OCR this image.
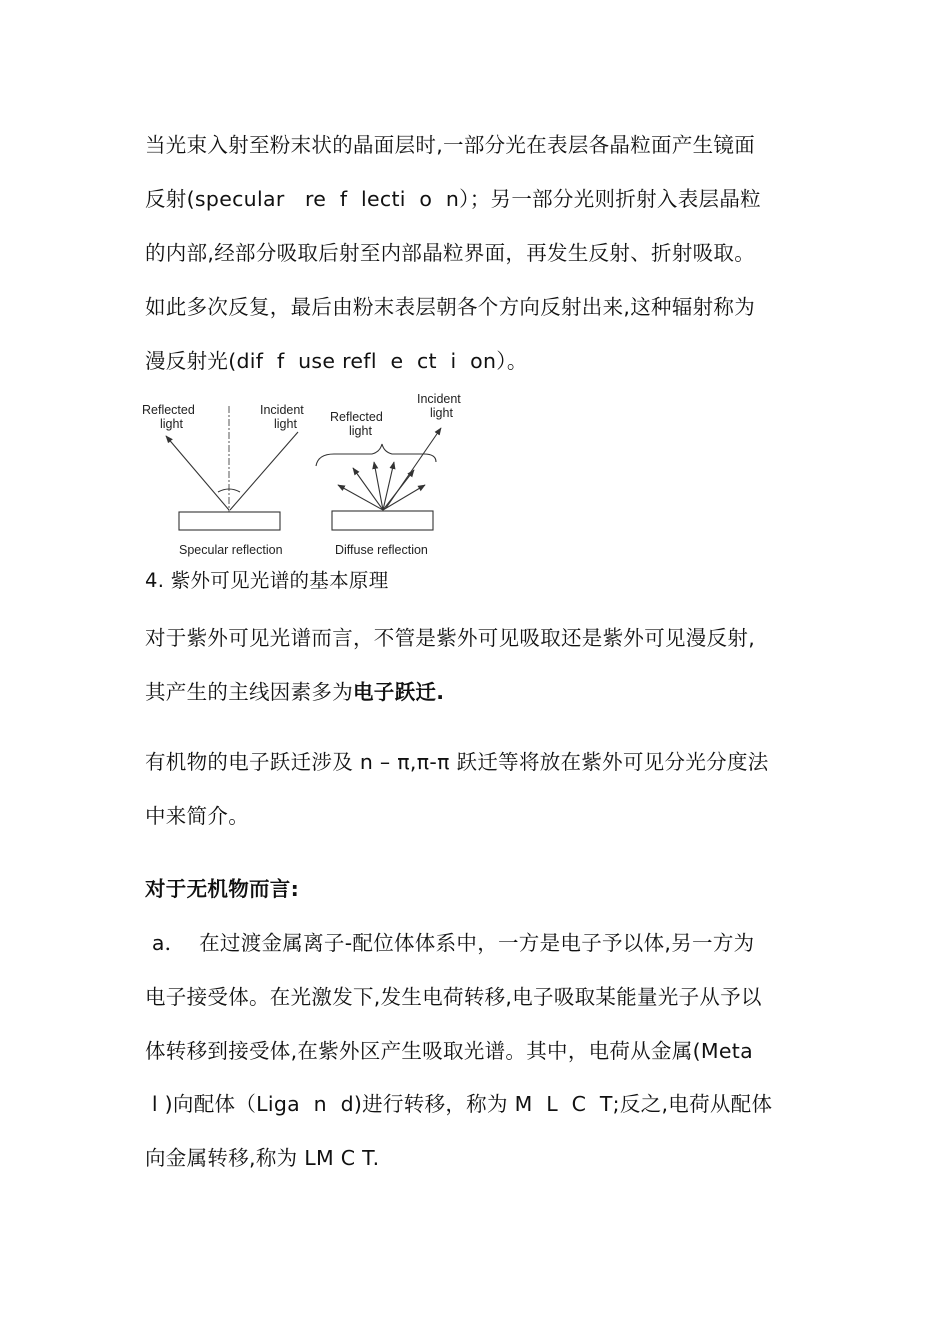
当光束入射至粉末状的晶面层时,一部分光在表层各晶粒面产生镜面
反射(specular   re  f  lecti  o  n）；另一部分光则折射入表层晶粒
的内部,经部分吸取后射至内部晶粒界面，再发生反射、折射吸取。
如此多次反复，最后由粉末表层朝各个方向反射出来,这种辐射称为
漫反射光(dif  f  use refl  e  ct  i  on）。
Reflected
light
Incident
light
Specular reflection
Reflected
light
Incident
light
Diffuse reflection
4. 紫外可见光谱的基本原理
对于紫外可见光谱而言，不管是紫外可见吸取还是紫外可见漫反射,
其产生的主线因素多为电子跃迁.
有机物的电子跃迁涉及 n – π,π-π 跃迁等将放在紫外可见分光分度法
中来简介。
对于无机物而言:
a．  在过渡金属离子-配位体体系中，一方是电子予以体,另一方为
电子接受体。在光激发下,发生电荷转移,电子吸取某能量光子从予以
体转移到接受体,在紫外区产生吸取光谱。其中，电荷从金属(Meta
l )向配体（Liga  n  d)进行转移，称为 M  L  C  T;反之,电荷从配体
向金属转移,称为 LM C T.
